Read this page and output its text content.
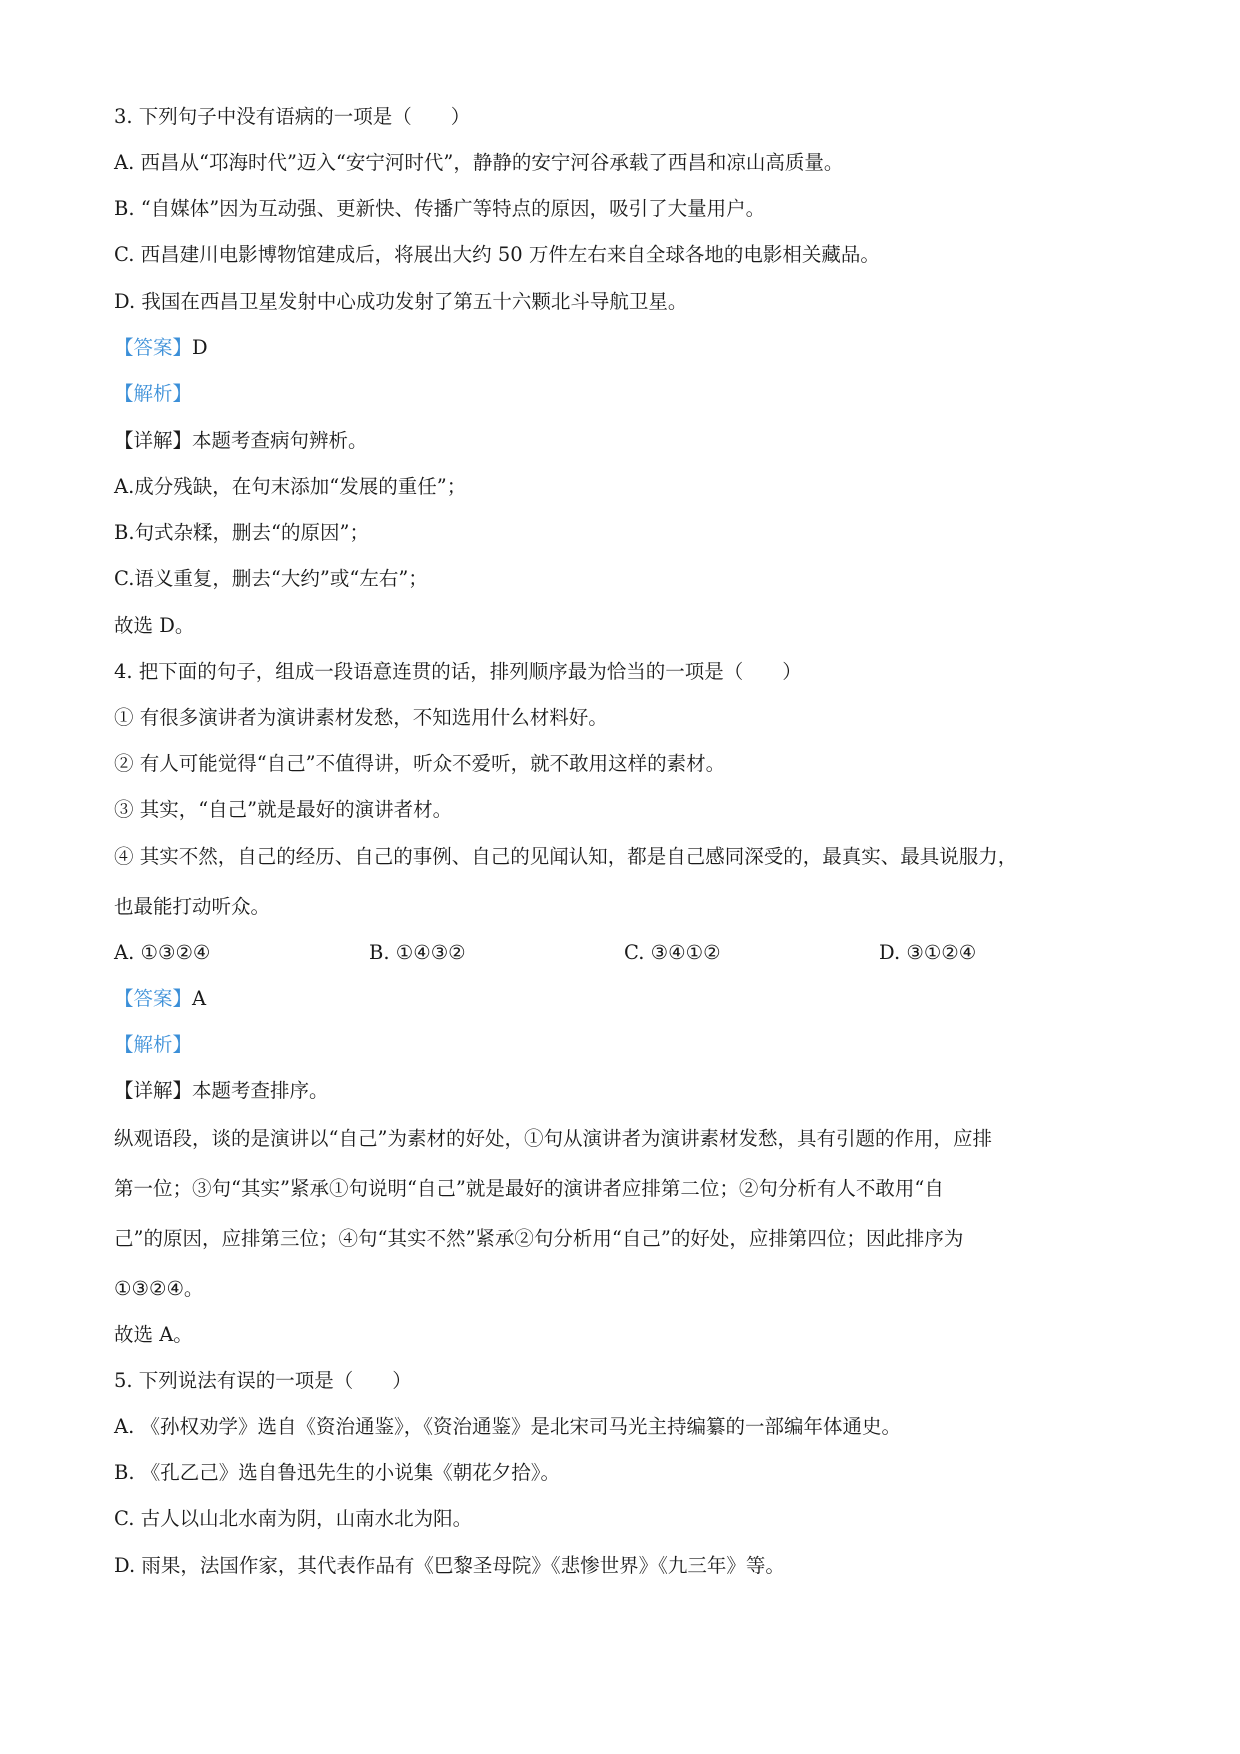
3. 下列句子中没有语病的一项是（　　）
A. 西昌从“邛海时代”迈入“安宁河时代”，静静的安宁河谷承载了西昌和凉山高质量。
B. “自媒体”因为互动强、更新快、传播广等特点的原因，吸引了大量用户。
C. 西昌建川电影博物馆建成后，将展出大约 50 万件左右来自全球各地的电影相关藏品。
D. 我国在西昌卫星发射中心成功发射了第五十六颗北斗导航卫星。
【答案】D
【解析】
【详解】本题考查病句辨析。
A.成分残缺，在句末添加“发展的重任”；
B.句式杂糅，删去“的原因”；
C.语义重复，删去“大约”或“左右”；
故选 D。
4. 把下面的句子，组成一段语意连贯的话，排列顺序最为恰当的一项是（　　）
① 有很多演讲者为演讲素材发愁，不知选用什么材料好。
② 有人可能觉得“自己”不值得讲，听众不爱听，就不敢用这样的素材。
③ 其实，“自己”就是最好的演讲者材。
④ 其实不然，自己的经历、自己的事例、自己的见闻认知，都是自己感同深受的，最真实、最具说服力，
也最能打动听众。
A. ①③②④	B. ①④③②	C. ③④①②	D. ③①②④
【答案】A
【解析】
【详解】本题考查排序。
纵观语段，谈的是演讲以“自己”为素材的好处，①句从演讲者为演讲素材发愁，具有引题的作用，应排
第一位；③句“其实”紧承①句说明“自己”就是最好的演讲者应排第二位；②句分析有人不敢用“自
己”的原因，应排第三位；④句“其实不然”紧承②句分析用“自己”的好处，应排第四位；因此排序为
①③②④。
故选 A。
5. 下列说法有误的一项是（　　）
A. 《孙权劝学》选自《资治通鉴》，《资治通鉴》是北宋司马光主持编纂的一部编年体通史。
B. 《孔乙己》选自鲁迅先生的小说集《朝花夕拾》。
C. 古人以山北水南为阴，山南水北为阳。
D. 雨果，法国作家，其代表作品有《巴黎圣母院》《悲惨世界》《九三年》等。
